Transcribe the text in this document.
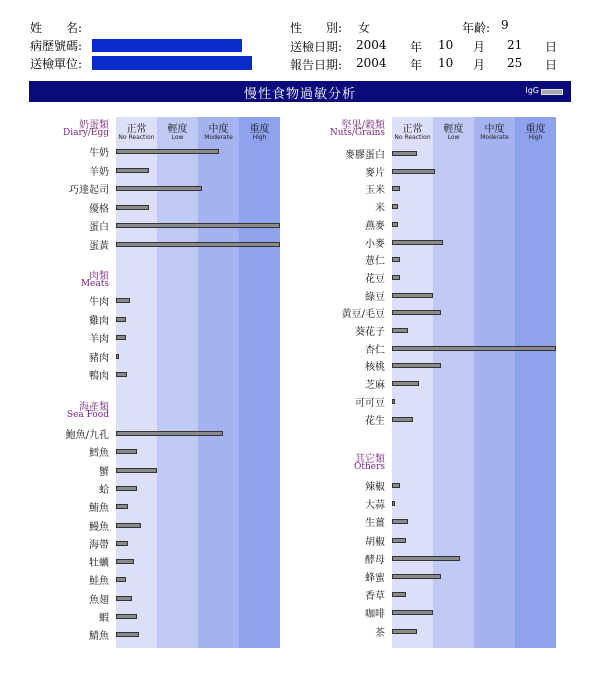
姓　　名:
病歷號碼:
送檢單位:
性　　別: 女	年齡: 9
送檢日期: 2004 年 10 月 21 日
報告日期: 2004 年 10 月 25 日
慢性食物過敏分析	IgG
正常
No Reaction
輕度
Low
中度
Moderate
重度
High
奶蛋類
Diary/Egg
牛奶
羊奶
巧達起司
優格
蛋白
蛋黃
肉類
Meats
牛肉
雞肉
羊肉
豬肉
鴨肉
海產類
Sea Food
鮑魚/九孔
鱈魚
蟹
蛤
鮪魚
鰻魚
海帶
牡蠣
鮭魚
魚翅
蝦
鯖魚
正常
No Reaction
輕度
Low
中度
Moderate
重度
High
堅果/穀類
Nuts/Grains
麥膠蛋白
麥片
玉米
米
燕麥
小麥
薏仁
花豆
綠豆
黃豆/毛豆
葵花子
杏仁
核桃
芝麻
可可豆
花生
其它類
Others
辣椒
大蒜
生薑
胡椒
酵母
蜂蜜
香草
咖啡
茶
